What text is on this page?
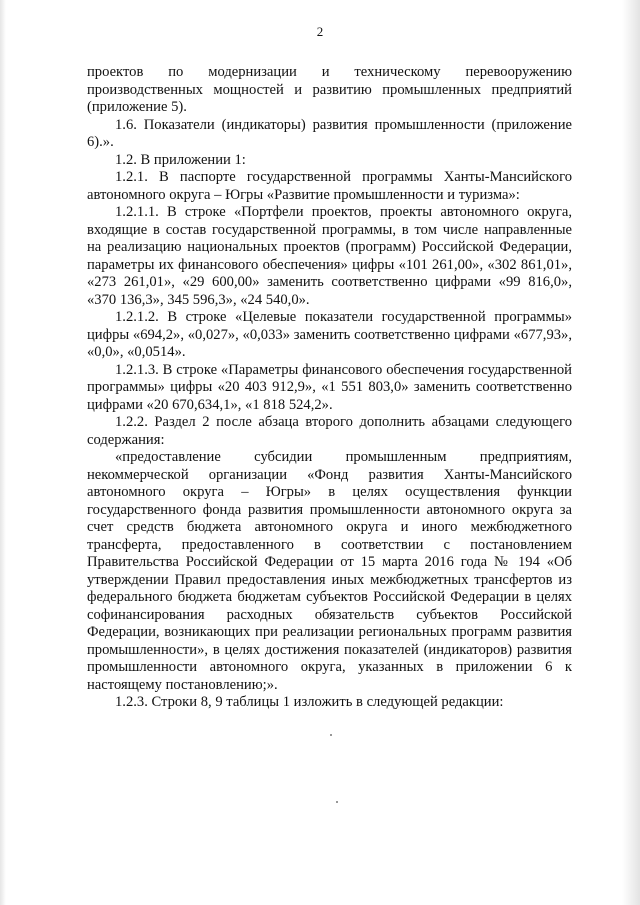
2

проектов по модернизации и техническому перевооружению производственных мощностей и развитию промышленных предприятий (приложение 5).

1.6. Показатели (индикаторы) развития промышленности (приложение 6).».

1.2. В приложении 1:

1.2.1. В паспорте государственной программы Ханты-Мансийского автономного округа – Югры «Развитие промышленности и туризма»:

1.2.1.1. В строке «Портфели проектов, проекты автономного округа, входящие в состав государственной программы, в том числе направленные на реализацию национальных проектов (программ) Российской Федерации, параметры их финансового обеспечения» цифры «101 261,00», «302 861,01», «273 261,01», «29 600,00» заменить соответственно цифрами «99 816,0», «370 136,3», 345 596,3», «24 540,0».

1.2.1.2. В строке «Целевые показатели государственной программы» цифры «694,2», «0,027», «0,033» заменить соответственно цифрами «677,93», «0,0», «0,0514».

1.2.1.3. В строке «Параметры финансового обеспечения государственной программы» цифры «20 403 912,9», «1 551 803,0» заменить соответственно цифрами «20 670,634,1», «1 818 524,2».

1.2.2. Раздел 2 после абзаца второго дополнить абзацами следующего содержания:

«предоставление субсидии промышленным предприятиям, некоммерческой организации «Фонд развития Ханты-Мансийского автономного округа – Югры» в целях осуществления функции государственного фонда развития промышленности автономного округа за счет средств бюджета автономного округа и иного межбюджетного трансферта, предоставленного в соответствии с постановлением Правительства Российской Федерации от 15 марта 2016 года № 194 «Об утверждении Правил предоставления иных межбюджетных трансфертов из федерального бюджета бюджетам субъектов Российской Федерации в целях софинансирования расходных обязательств субъектов Российской Федерации, возникающих при реализации региональных программ развития промышленности», в целях достижения показателей (индикаторов) развития промышленности автономного округа, указанных в приложении 6 к настоящему постановлению;».

1.2.3. Строки 8, 9 таблицы 1 изложить в следующей редакции:
